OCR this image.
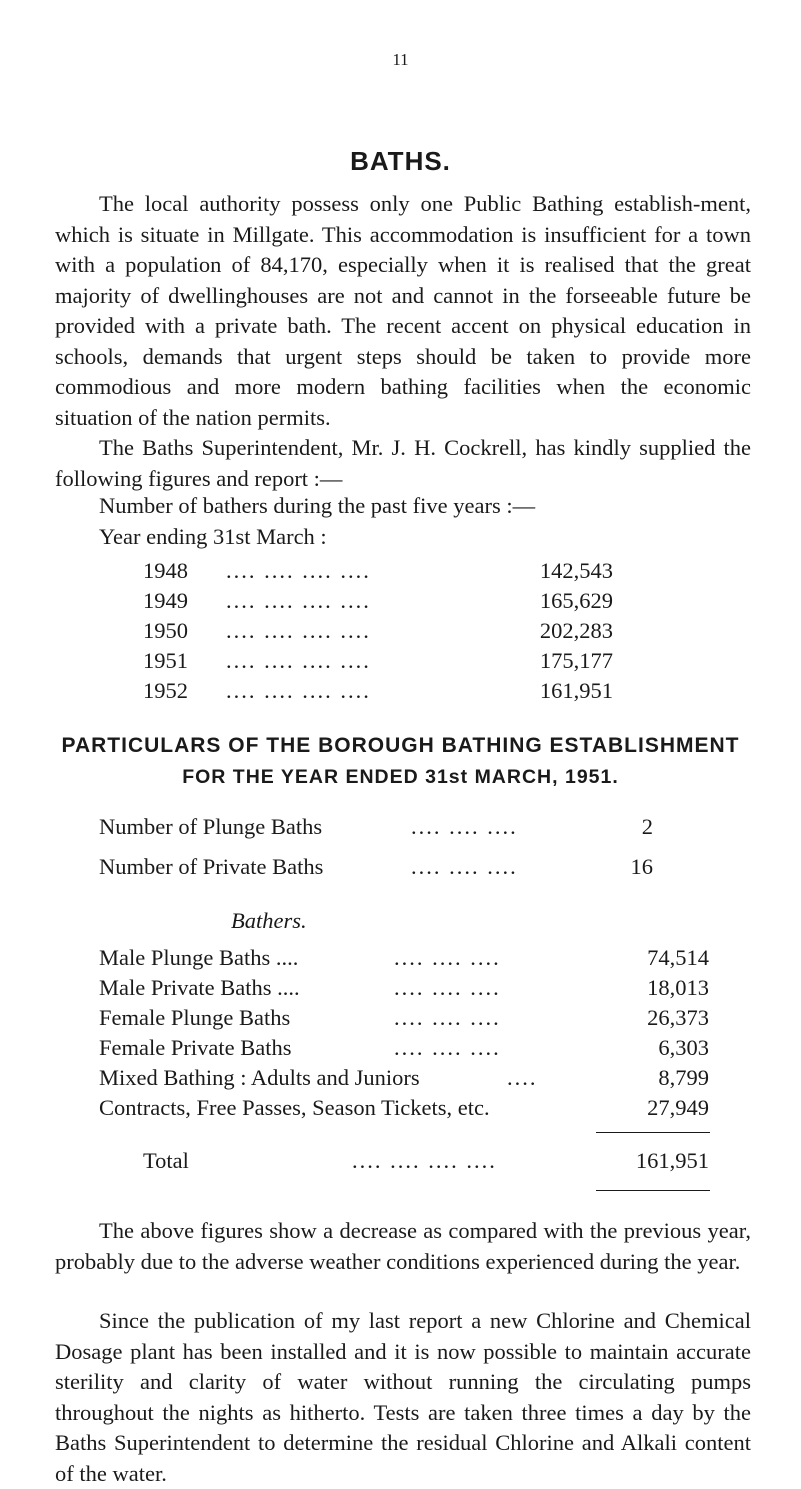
11
BATHS.
The local authority possess only one Public Bathing establish-ment, which is situate in Millgate. This accommodation is insufficient for a town with a population of 84,170, especially when it is realised that the great majority of dwellinghouses are not and cannot in the forseeable future be provided with a private bath. The recent accent on physical education in schools, demands that urgent steps should be taken to provide more commodious and more modern bathing facilities when the economic situation of the nation permits.
The Baths Superintendent, Mr. J. H. Cockrell, has kindly supplied the following figures and report :—
Number of bathers during the past five years :—
Year ending 31st March :
1948 .... .... .... ....	142,543
1949 .... .... .... ....	165,629
1950 .... .... .... ....	202,283
1951 .... .... .... ....	175,177
1952 .... .... .... ....	161,951
PARTICULARS OF THE BOROUGH BATHING ESTABLISHMENT
FOR THE YEAR ENDED 31st MARCH, 1951.
Number of Plunge Baths	.... .... ....	2
Number of Private Baths	.... .... ....	16
Bathers.
Male Plunge Baths ....	.... .... ....	74,514
Male Private Baths ....	.... .... ....	18,013
Female Plunge Baths	.... .... ....	26,373
Female Private Baths	.... .... ....	6,303
Mixed Bathing : Adults and Juniors	....	8,799
Contracts, Free Passes, Season Tickets, etc.	27,949
Total	.... .... .... ....	161,951
The above figures show a decrease as compared with the previous year, probably due to the adverse weather conditions experienced during the year.
Since the publication of my last report a new Chlorine and Chemical Dosage plant has been installed and it is now possible to maintain accurate sterility and clarity of water without running the circulating pumps throughout the nights as hitherto. Tests are taken three times a day by the Baths Superintendent to determine the residual Chlorine and Alkali content of the water.
